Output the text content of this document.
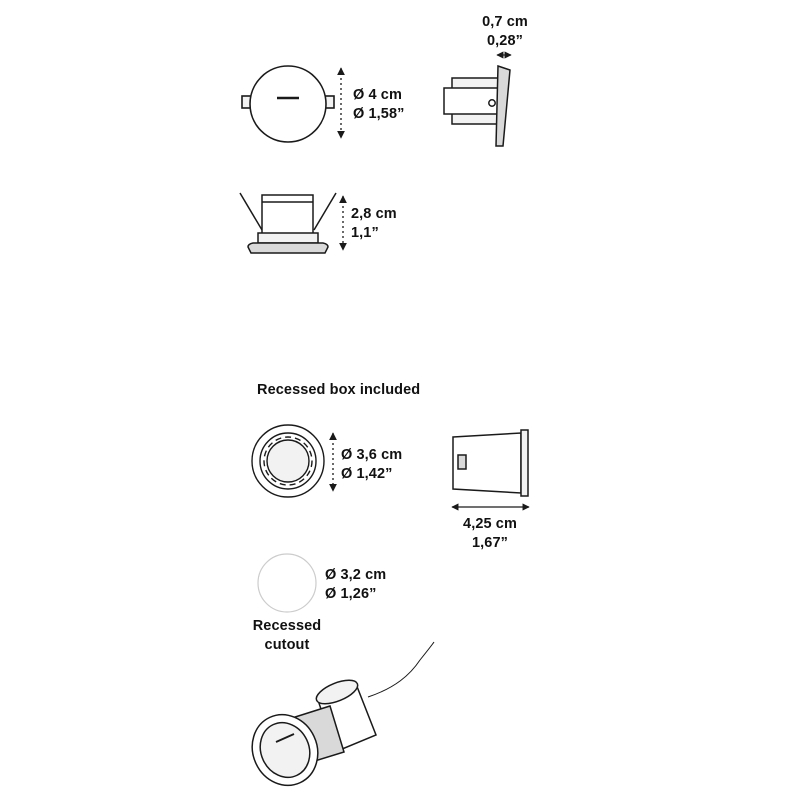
0,7 cm
0,28”
Ø 4 cm
Ø 1,58”
2,8 cm
1,1”
Recessed box included
Ø 3,6 cm
Ø 1,42”
4,25 cm
1,67”
Ø 3,2 cm
Ø 1,26”
Recessed
cutout
